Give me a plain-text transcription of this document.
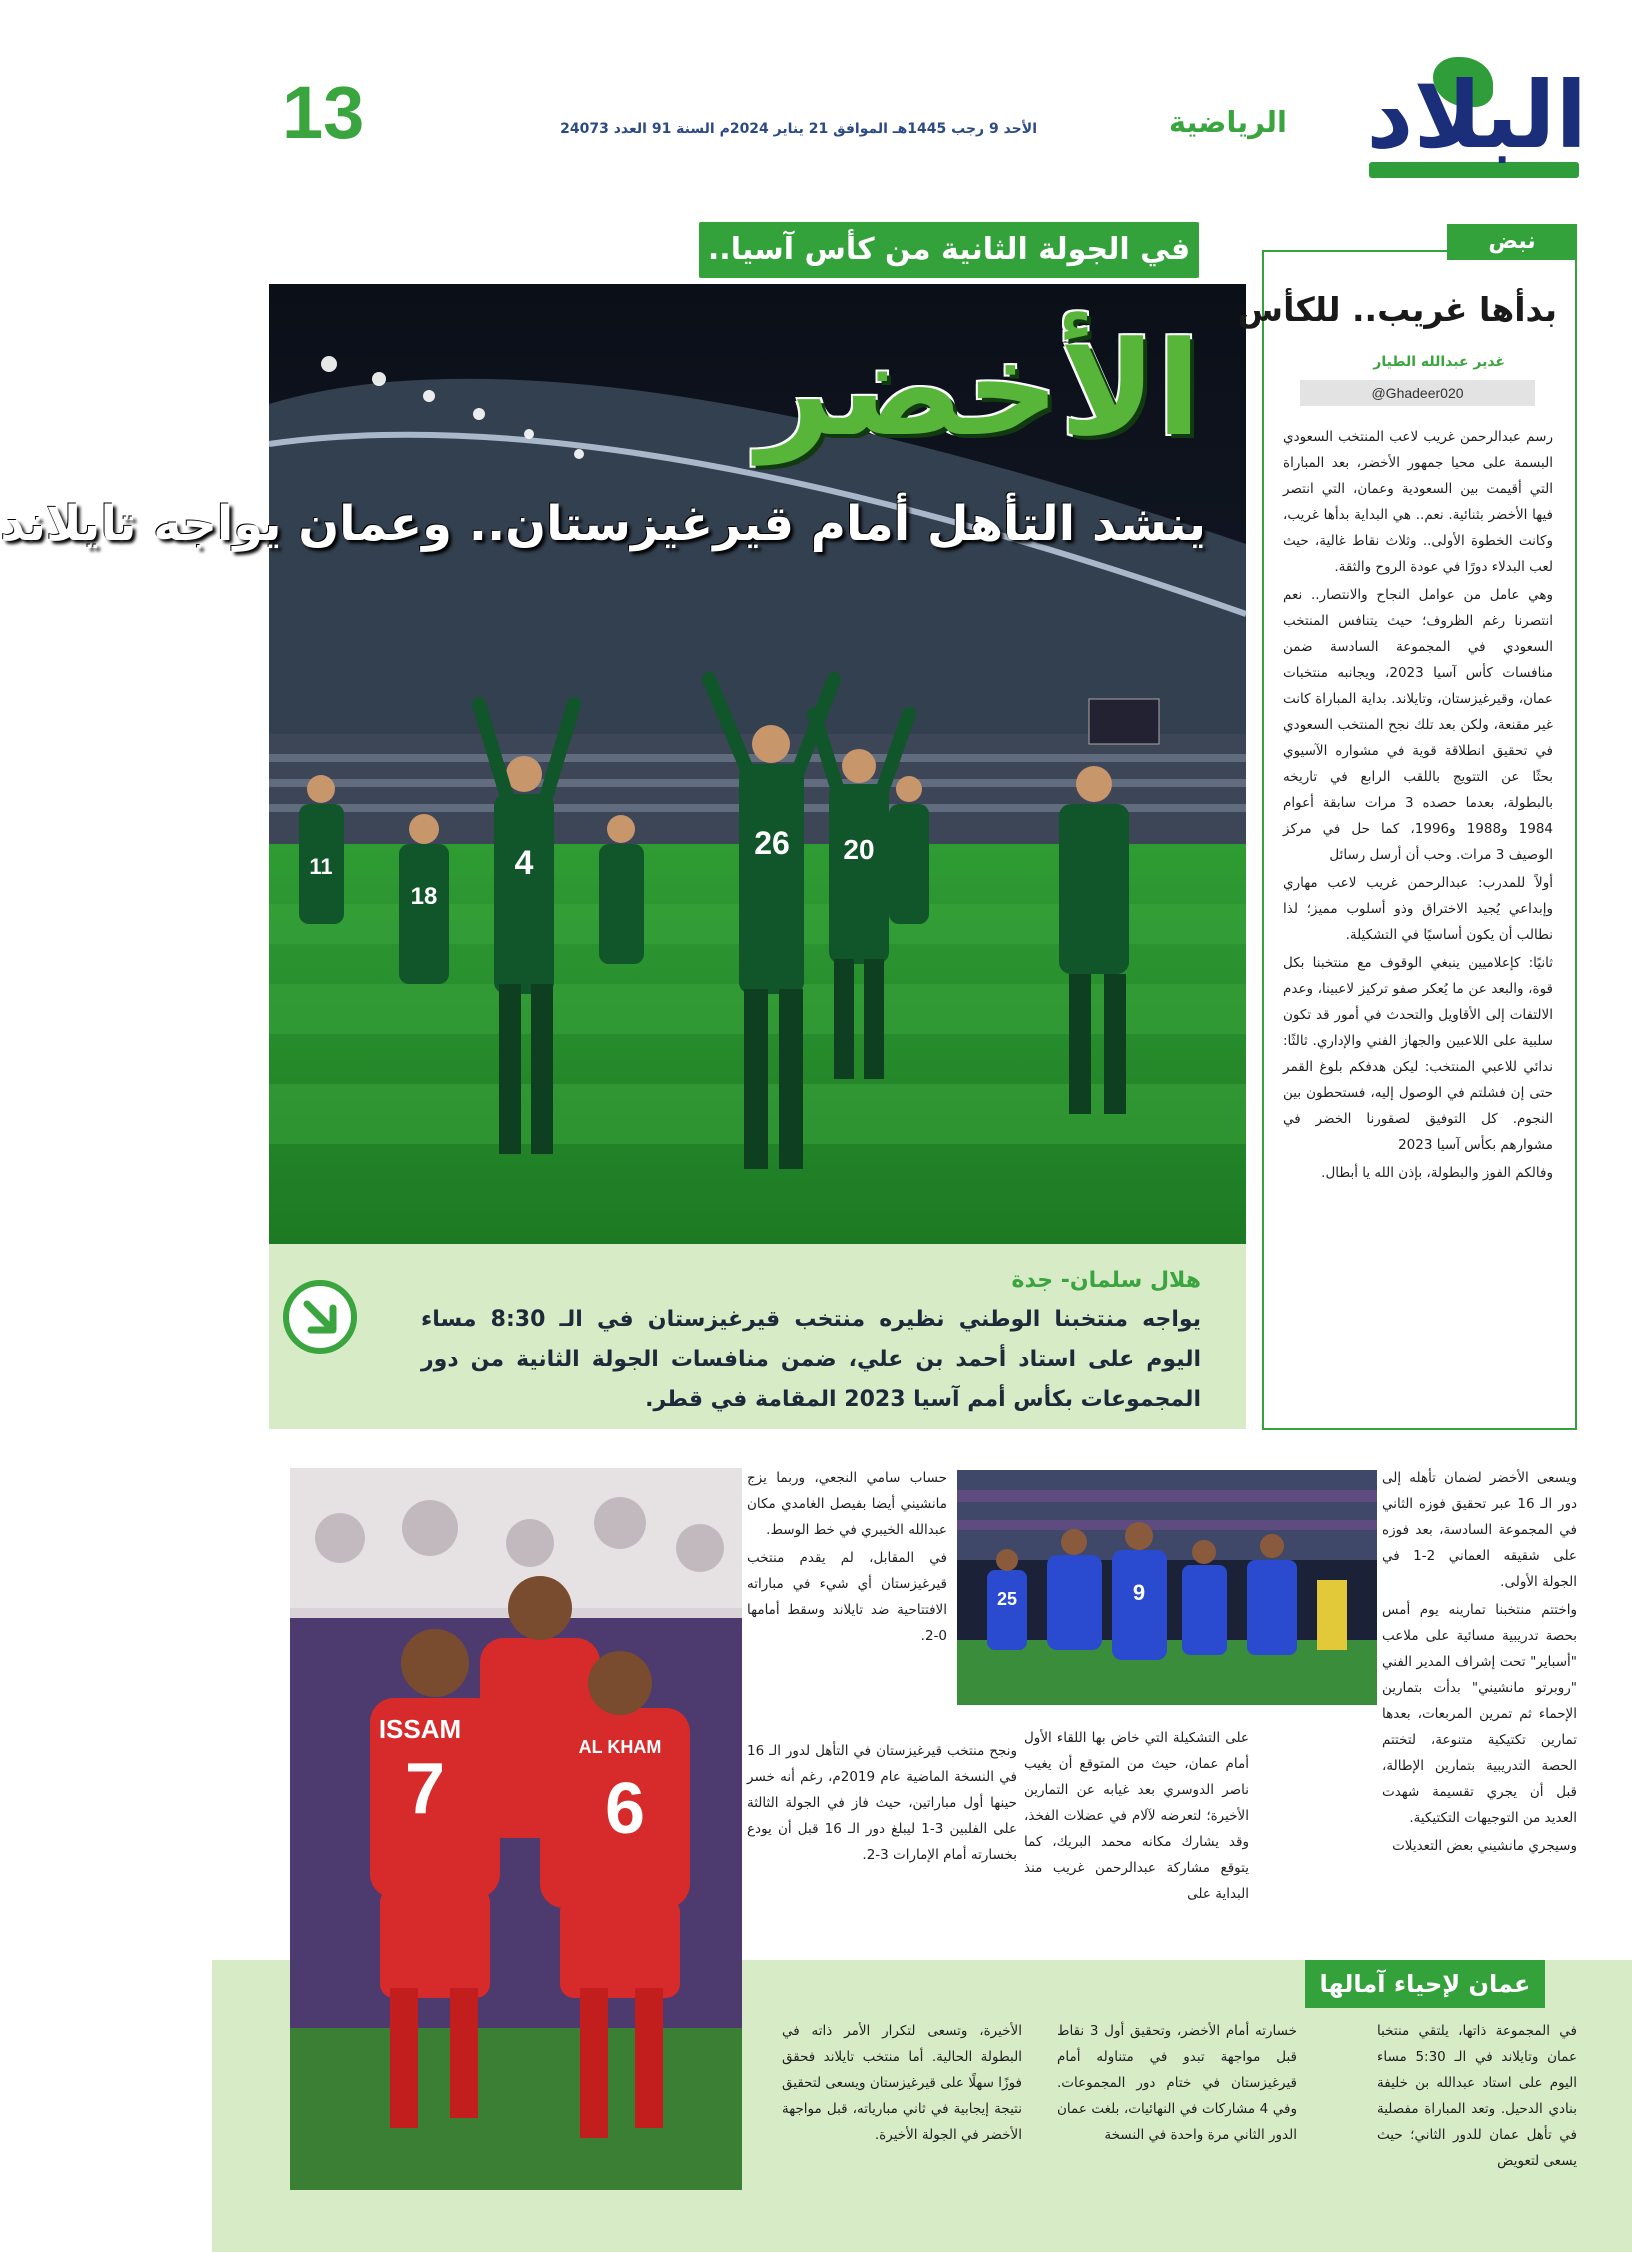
البلاد
الرياضية
الأحد 9 رجب 1445هـ الموافق 21 يناير 2024م السنة 91 العدد 24073
13
في الجولة الثانية من كأس آسيا..
4
26 20
18
11
الأخضر
ينشد التأهل أمام قيرغيزستان.. وعمان يواجه تايلاند
هلال سلمان- جدة
يواجه منتخبنا الوطني نظيره منتخب قيرغيزستان في الـ 8:30 مساء اليوم على استاد أحمد بن علي، ضمن منافسات الجولة الثانية من دور المجموعات بكأس أمم آسيا 2023 المقامة في قطر.
بدأها غريب.. للكأس
غدير عبدالله الطيار
@Ghadeer020

رسم عبدالرحمن غريب لاعب المنتخب السعودي البسمة على محيا جمهور الأخضر، بعد المباراة التي أقيمت بين السعودية وعمان، التي انتصر فيها الأخضر بثنائية. نعم.. هي البداية بدأها غريب، وكانت الخطوة الأولى.. وثلاث نقاط غالية، حيث لعب البدلاء دورًا في عودة الروح والثقة.

وهي عامل من عوامل النجاح والانتصار.. نعم انتصرنا رغم الظروف؛ حيث يتنافس المنتخب السعودي في المجموعة السادسة ضمن منافسات كأس آسيا 2023، ويجانبه منتخبات عمان، وقيرغيزستان، وتايلاند. بداية المباراة كانت غير مقنعة، ولكن بعد تلك نجح المنتخب السعودي في تحقيق انطلاقة قوية في مشواره الآسيوي بحثًا عن التتويج باللقب الرابع في تاريخه بالبطولة، بعدما حصده 3 مرات سابقة أعوام 1984 و1988 و1996، كما حل في مركز الوصيف 3 مرات. وحب أن أرسل رسائل

أولاً للمدرب: عبدالرحمن غريب لاعب مهاري وإبداعي يُجيد الاختراق وذو أسلوب مميز؛ لذا نطالب أن يكون أساسيًا في التشكيلة.

ثانيًا: كإعلاميين ينبغي الوقوف مع منتخبنا بكل قوة، والبعد عن ما يُعكر صفو تركيز لاعبينا، وعدم الالتفات إلى الأقاويل والتحدث في أمور قد تكون سلبية على اللاعبين والجهاز الفني والإداري. ثالثًا: ندائي للاعبي المنتخب: ليكن هدفكم بلوغ القمر حتى إن فشلتم في الوصول إليه، فستحطون بين النجوم. كل التوفيق لصقورنا الخضر في مشوارهم بكأس آسيا 2023

وفالكم الفوز والبطولة، بإذن الله يا أبطال.

نبض

ويسعى الأخضر لضمان تأهله إلى دور الـ 16 عبر تحقيق فوزه الثاني في المجموعة السادسة، بعد فوزه على شقيقه العماني 2-1 في الجولة الأولى.

واختتم منتخبنا تمارينه يوم أمس بحصة تدريبية مسائية على ملاعب "أسباير" تحت إشراف المدير الفني "روبرتو مانشيني" بدأت بتمارين الإحماء ثم تمرين المربعات، بعدها تمارين تكتيكية متنوعة، لتختتم الحصة التدريبية بتمارين الإطالة، قبل أن يجري تقسيمة شهدت العديد من التوجيهات التكتيكية.

وسيجري مانشيني بعض التعديلات

9
25

على التشكيلة التي خاض بها اللقاء الأول أمام عمان، حيث من المتوقع أن يغيب ناصر الدوسري بعد غيابه عن التمارين الأخيرة؛ لتعرضه لآلام في عضلات الفخذ، وقد يشارك مكانه محمد البريك، كما يتوقع مشاركة عبدالرحمن غريب منذ البداية على

حساب سامي النجعي، وربما يزج مانشيني أيضا بفيصل الغامدي مكان عبدالله الخيبري في خط الوسط.

في المقابل، لم يقدم منتخب قيرغيزستان أي شيء في مباراته الافتتاحية ضد تايلاند وسقط أمامها 0-2.

ونجح منتخب قيرغيزستان في التأهل لدور الـ 16 في النسخة الماضية عام 2019م، رغم أنه خسر حينها أول مباراتين، حيث فاز في الجولة الثالثة على الفلبين 3-1 ليبلغ دور الـ 16 قبل أن يودع بخسارته أمام الإمارات 3-2.

عمان لإحياء آمالها
ISSAM
7
AL KHAM
6

في المجموعة ذاتها، يلتقي منتخبا عمان وتايلاند في الـ 5:30 مساء اليوم على استاد عبدالله بن خليفة بنادي الدحيل. وتعد المباراة مفصلية في تأهل عمان للدور الثاني؛ حيث يسعى لتعويض

خسارته أمام الأخضر، وتحقيق أول 3 نقاط قبل مواجهة تبدو في متناوله أمام قيرغيزستان في ختام دور المجموعات. وفي 4 مشاركات في النهائيات، بلغت عمان الدور الثاني مرة واحدة في النسخة

الأخيرة، وتسعى لتكرار الأمر ذاته في البطولة الحالية. أما منتخب تايلاند فحقق فوزًا سهلًا على قيرغيزستان ويسعى لتحقيق نتيجة إيجابية في ثاني مبارياته، قبل مواجهة الأخضر في الجولة الأخيرة.
